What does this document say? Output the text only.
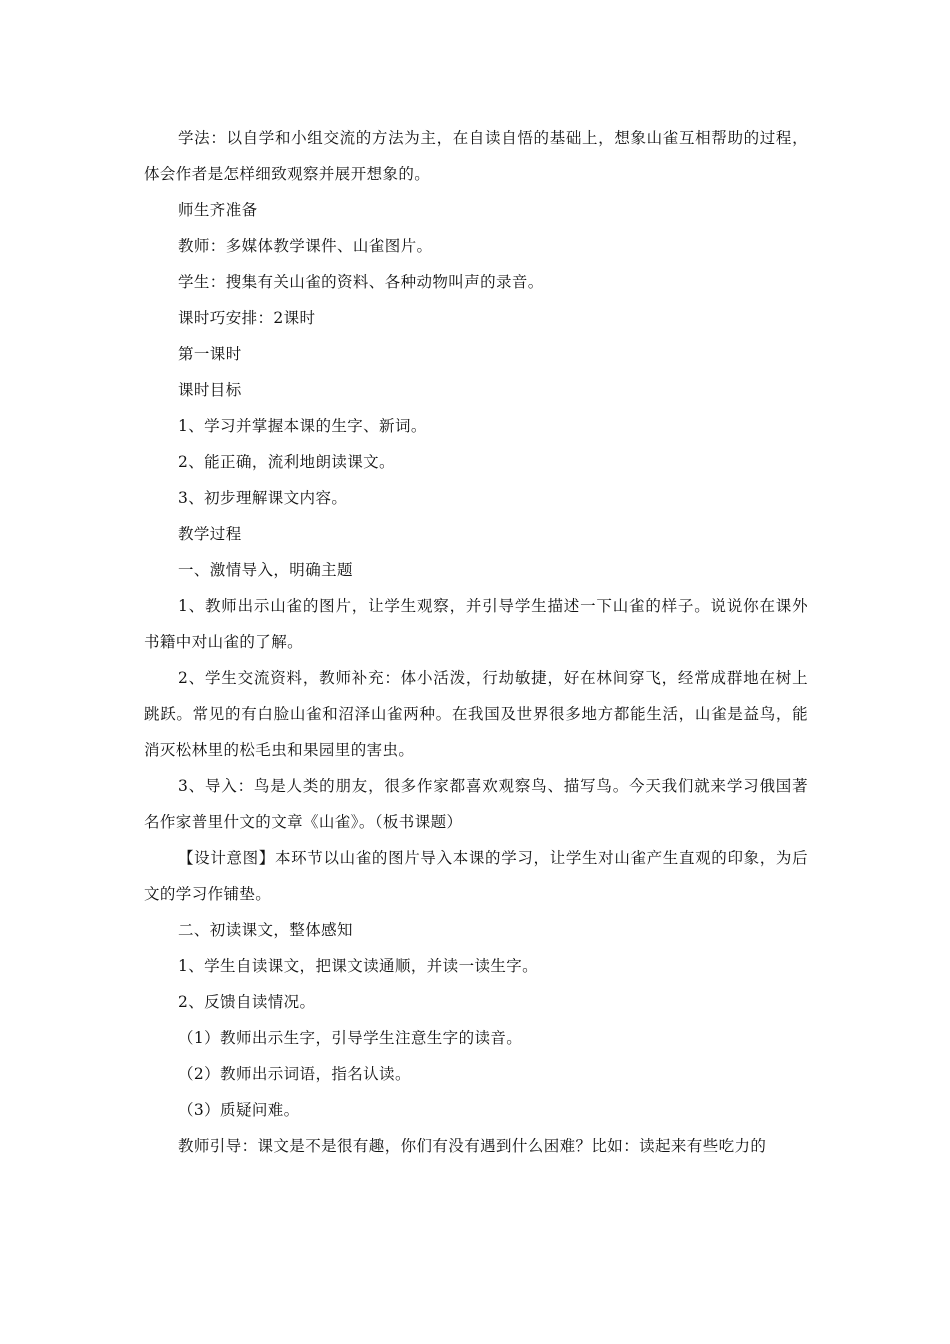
学法：以自学和小组交流的方法为主，在自读自悟的基础上，想象山雀互相帮助的过程，体会作者是怎样细致观察并展开想象的。

师生齐准备

教师：多媒体教学课件、山雀图片。

学生：搜集有关山雀的资料、各种动物叫声的录音。

课时巧安排：2课时

第一课时

课时目标

1、学习并掌握本课的生字、新词。

2、能正确，流利地朗读课文。

3、初步理解课文内容。

教学过程

一、激情导入，明确主题

1、教师出示山雀的图片，让学生观察，并引导学生描述一下山雀的样子。说说你在课外书籍中对山雀的了解。

2、学生交流资料，教师补充：体小活泼，行劫敏捷，好在林间穿飞，经常成群地在树上跳跃。常见的有白脸山雀和沼泽山雀两种。在我国及世界很多地方都能生活，山雀是益鸟，能消灭松林里的松毛虫和果园里的害虫。

3、导入：鸟是人类的朋友，很多作家都喜欢观察鸟、描写鸟。今天我们就来学习俄国著名作家普里什文的文章《山雀》。（板书课题）

【设计意图】本环节以山雀的图片导入本课的学习，让学生对山雀产生直观的印象，为后文的学习作铺垫。

二、初读课文，整体感知

1、学生自读课文，把课文读通顺，并读一读生字。

2、反馈自读情况。

（1）教师出示生字，引导学生注意生字的读音。

（2）教师出示词语，指名认读。

（3）质疑问难。

教师引导：课文是不是很有趣，你们有没有遇到什么困难？比如：读起来有些吃力的
